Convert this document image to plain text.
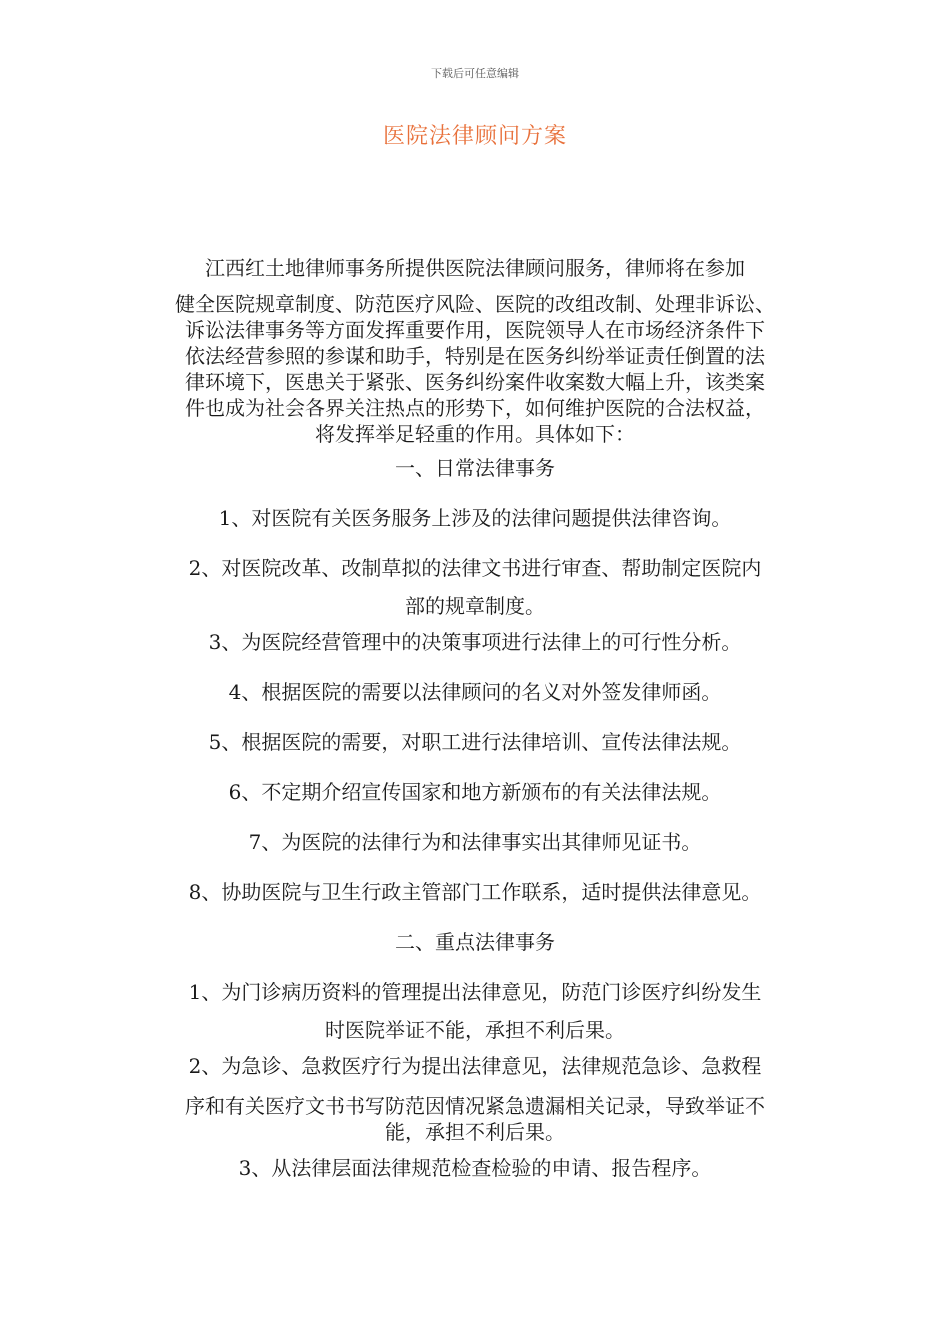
下载后可任意编辑
医院法律顾问方案
江西红土地律师事务所提供医院法律顾问服务，律师将在参加
健全医院规章制度、防范医疗风险、医院的改组改制、处理非诉讼、
诉讼法律事务等方面发挥重要作用，医院领导人在市场经济条件下
依法经营参照的参谋和助手，特别是在医务纠纷举证责任倒置的法
律环境下，医患关于紧张、医务纠纷案件收案数大幅上升，该类案
件也成为社会各界关注热点的形势下，如何维护医院的合法权益，
将发挥举足轻重的作用。具体如下：
一、日常法律事务
1、对医院有关医务服务上涉及的法律问题提供法律咨询。
2、对医院改革、改制草拟的法律文书进行审查、帮助制定医院内
部的规章制度。
3、为医院经营管理中的决策事项进行法律上的可行性分析。
4、根据医院的需要以法律顾问的名义对外签发律师函。
5、根据医院的需要，对职工进行法律培训、宣传法律法规。
6、不定期介绍宣传国家和地方新颁布的有关法律法规。
7、为医院的法律行为和法律事实出其律师见证书。
8、协助医院与卫生行政主管部门工作联系，适时提供法律意见。
二、重点法律事务
1、为门诊病历资料的管理提出法律意见，防范门诊医疗纠纷发生
时医院举证不能，承担不利后果。
2、为急诊、急救医疗行为提出法律意见，法律规范急诊、急救程
序和有关医疗文书书写防范因情况紧急遗漏相关记录，导致举证不
能，承担不利后果。
3、从法律层面法律规范检查检验的申请、报告程序。
